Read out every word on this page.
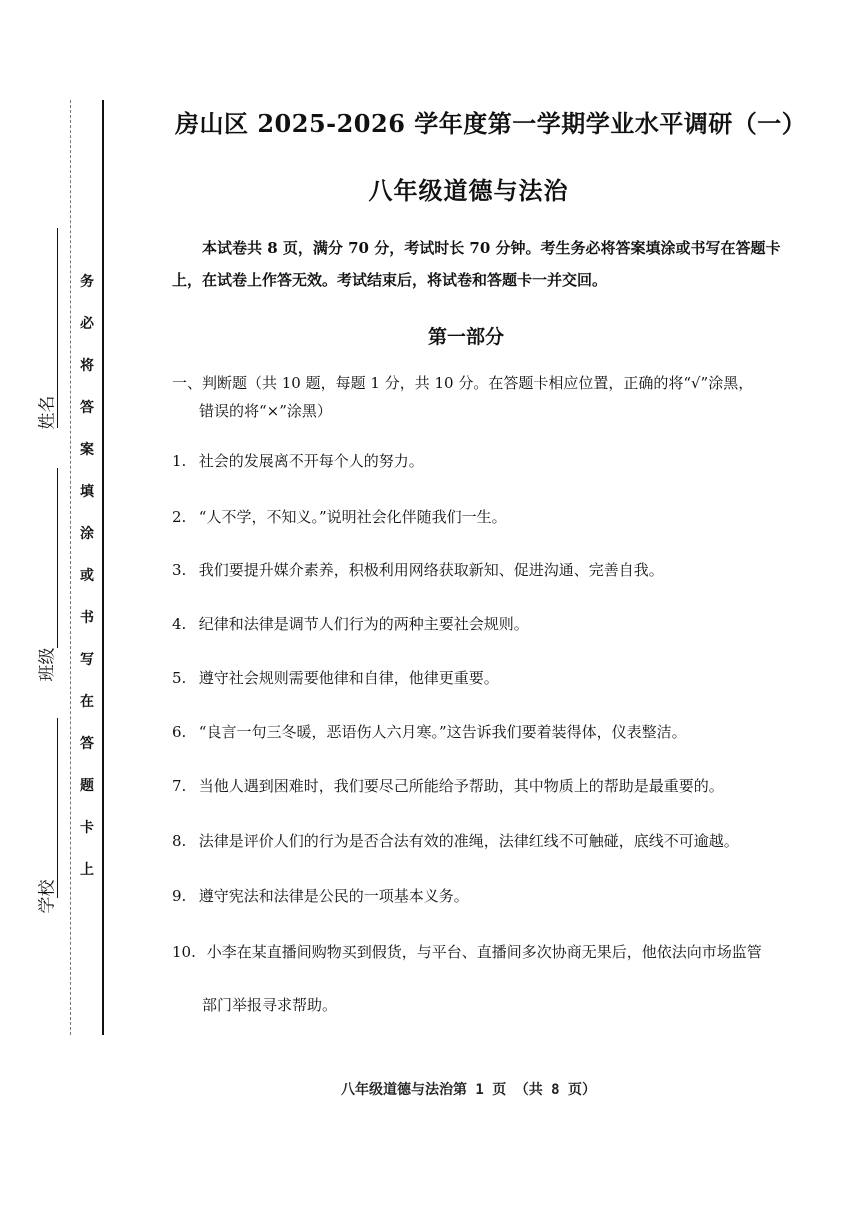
务
必
将
答
案
填
涂
或
书
写
在
答
题
卡
上
姓名
班级
学校
房山区 2025-2026 学年度第一学期学业水平调研（一）
八年级道德与法治
本试卷共 8 页，满分 70 分，考试时长 70 分钟。考生务必将答案填涂或书写在答题卡上，在试卷上作答无效。考试结束后，将试卷和答题卡一并交回。
第一部分
一、判断题（共 10 题，每题 1 分，共 10 分。在答题卡相应位置，正确的将“√”涂黑，
错误的将“×”涂黑）
1. 社会的发展离不开每个人的努力。
2. “人不学，不知义。”说明社会化伴随我们一生。
3. 我们要提升媒介素养，积极利用网络获取新知、促进沟通、完善自我。
4. 纪律和法律是调节人们行为的两种主要社会规则。
5. 遵守社会规则需要他律和自律，他律更重要。
6. “良言一句三冬暖，恶语伤人六月寒。”这告诉我们要着装得体，仪表整洁。
7. 当他人遇到困难时，我们要尽己所能给予帮助，其中物质上的帮助是最重要的。
8. 法律是评价人们的行为是否合法有效的准绳，法律红线不可触碰，底线不可逾越。
9. 遵守宪法和法律是公民的一项基本义务。
10. 小李在某直播间购物买到假货，与平台、直播间多次协商无果后，他依法向市场监管
部门举报寻求帮助。
八年级道德与法治第 1 页 （共 8 页）
